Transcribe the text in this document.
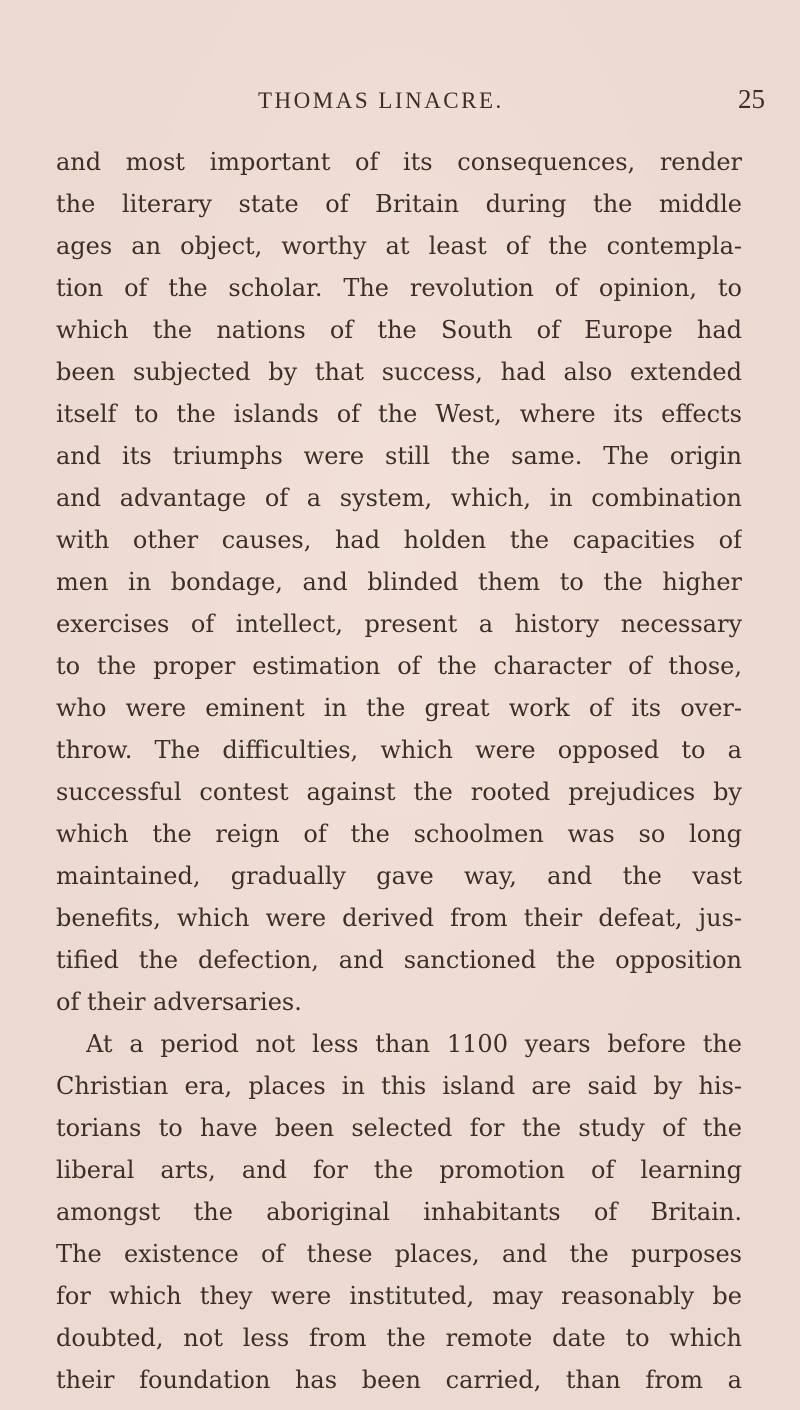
THOMAS LINACRE.	25
and most important of its consequences, render
the literary state of Britain during the middle
ages an object, worthy at least of the contempla-
tion of the scholar. The revolution of opinion, to
which the nations of the South of Europe had
been subjected by that success, had also extended
itself to the islands of the West, where its effects
and its triumphs were still the same. The origin
and advantage of a system, which, in combination
with other causes, had holden the capacities of
men in bondage, and blinded them to the higher
exercises of intellect, present a history necessary
to the proper estimation of the character of those,
who were eminent in the great work of its over-
throw. The difficulties, which were opposed to a
successful contest against the rooted prejudices by
which the reign of the schoolmen was so long
maintained, gradually gave way, and the vast
benefits, which were derived from their defeat, jus-
tified the defection, and sanctioned the opposition
of their adversaries.
At a period not less than 1100 years before the
Christian era, places in this island are said by his-
torians to have been selected for the study of the
liberal arts, and for the promotion of learning
amongst the aboriginal inhabitants of Britain.
The existence of these places, and the purposes
for which they were instituted, may reasonably be
doubted, not less from the remote date to which
their foundation has been carried, than from a
